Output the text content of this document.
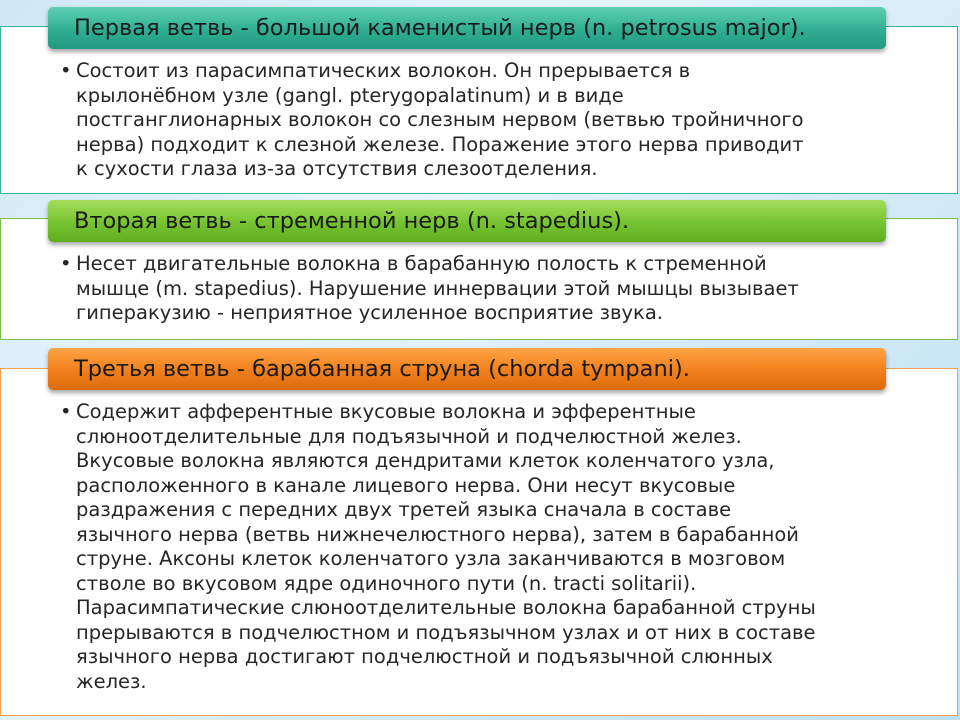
Первая ветвь - большой каменистый нерв (n. petrosus major).
• Состоит из парасимпатических волокон. Он прерывается в
крылонёбном узле (gangl. pterygopalatinum) и в виде
постганглионарных волокон со слезным нервом (ветвью тройничного
нерва) подходит к слезной железе. Поражение этого нерва приводит
к сухости глаза из-за отсутствия слезоотделения.
Вторая ветвь - стременной нерв (n. stapedius).
• Несет двигательные волокна в барабанную полость к стременной
мышце (m. stapedius). Нарушение иннервации этой мышцы вызывает
гиперакузию - неприятное усиленное восприятие звука.
Третья ветвь - барабанная струна (chorda tympani).
• Содержит афферентные вкусовые волокна и эфферентные
слюноотделительные для подъязычной и подчелюстной желез.
Вкусовые волокна являются дендритами клеток коленчатого узла,
расположенного в канале лицевого нерва. Они несут вкусовые
раздражения с передних двух третей языка сначала в составе
язычного нерва (ветвь нижнечелюстного нерва), затем в барабанной
струне. Аксоны клеток коленчатого узла заканчиваются в мозговом
стволе во вкусовом ядре одиночного пути (n. tracti solitarii).
Парасимпатические слюноотделительные волокна барабанной струны
прерываются в подчелюстном и подъязычном узлах и от них в составе
язычного нерва достигают подчелюстной и подъязычной слюнных
желез.
